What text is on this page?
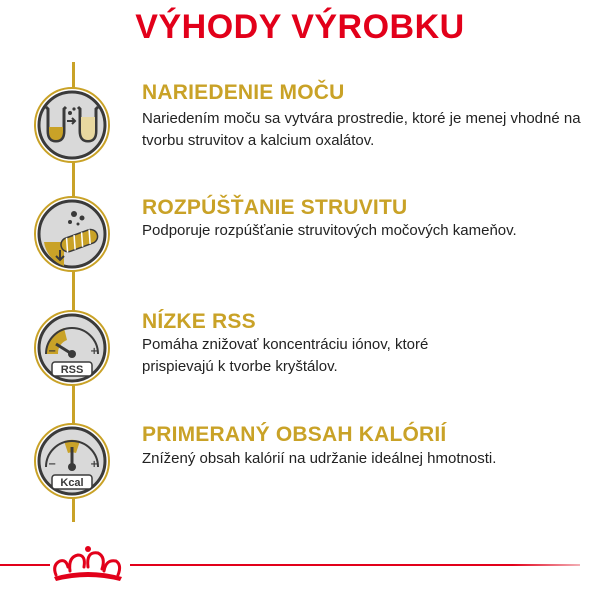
VÝHODY VÝROBKU
NARIEDENIE MOČU
Nariedením moču sa vytvára prostredie, ktoré je menej vhodné na tvorbu struvitov a kalcium oxalátov.
ROZPÚŠŤANIE STRUVITU
Podporuje rozpúšťanie struvitových močových kameňov.
−	+
RSS
NÍZKE RSS
Pomáha znižovať koncentráciu iónov, ktoré prispievajú k tvorbe kryštálov.
−	+
Kcal
PRIMERANÝ OBSAH KALÓRIÍ
Znížený obsah kalórií na udržanie ideálnej hmotnosti.
